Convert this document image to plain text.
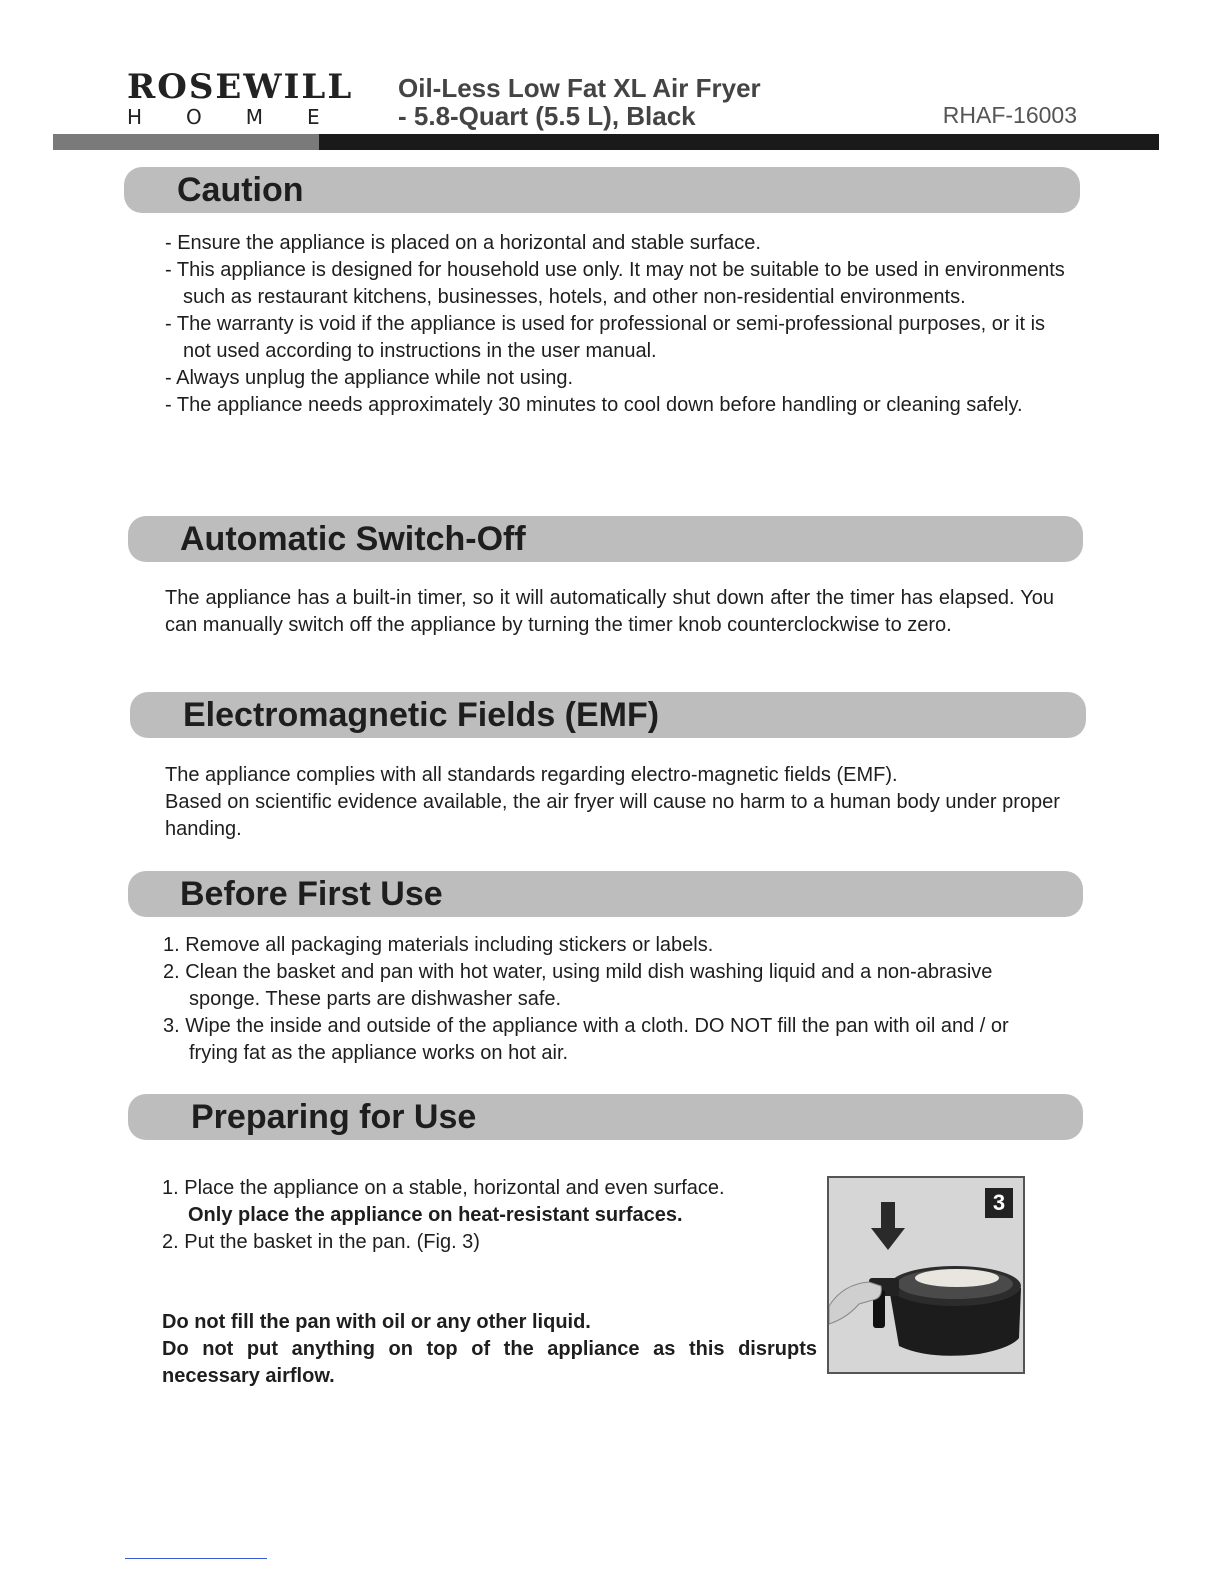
ROSEWILL
HOME
Oil-Less Low Fat XL Air Fryer
- 5.8-Quart (5.5 L), Black	RHAF-16003
Caution

- Ensure the appliance is placed on a horizontal and stable surface.

- This appliance is designed for household use only. It may not be suitable to be used in environments such as restaurant kitchens, businesses, hotels, and other non-residential environments.

- The warranty is void if the appliance is used for professional or semi-professional purposes, or it is not used according to instructions in the user manual.

- Always unplug the appliance while not using.

- The appliance needs approximately 30 minutes to cool down before handling or cleaning safely.

Automatic Switch-Off
The appliance has a built-in timer, so it will automatically shut down after the timer has elapsed. You can manually switch off the appliance by turning the timer knob counterclockwise to zero.
Electromagnetic Fields (EMF)

The appliance complies with all standards regarding electro-magnetic fields (EMF).

Based on scientific evidence available, the air fryer will cause no harm to a human body under proper handing.

Before First Use

1. Remove all packaging materials including stickers or labels.

2. Clean the basket and pan with hot water, using mild dish washing liquid and a non-abrasive sponge. These parts are dishwasher safe.

3. Wipe the inside and outside of the appliance with a cloth. DO NOT fill the pan with oil and / or frying fat as the appliance works on hot air.

Preparing for Use

1. Place the appliance on a stable, horizontal and even surface.
Only place the appliance on heat-resistant surfaces.

2. Put the basket in the pan. (Fig. 3)

Do not fill the pan with oil or any other liquid.

Do not put anything on top of the appliance as this disrupts necessary airflow.

3
